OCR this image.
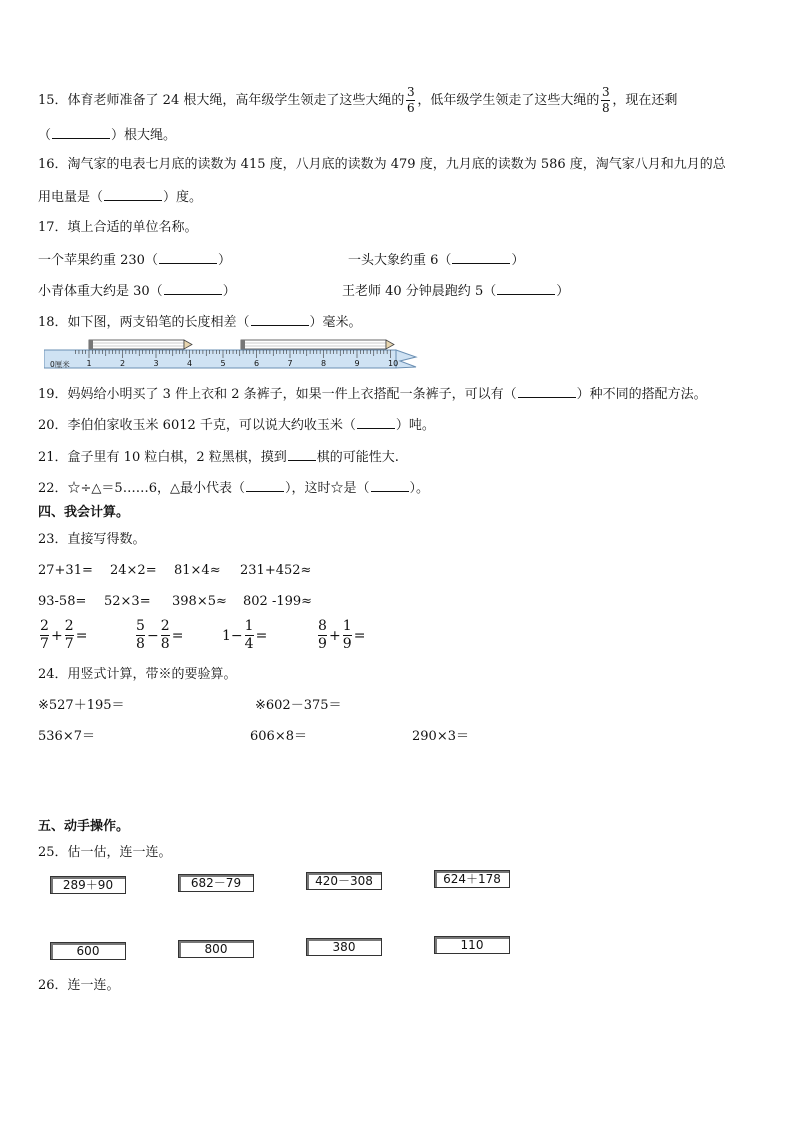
15．体育老师准备了 24 根大绳，高年级学生领走了这些大绳的 $\frac{3}{6}$ ，低年级学生领走了这些大绳的 $\frac{3}{8}$ ，现在还剩
（	）根大绳。
16．淘气家的电表七月底的读数为 415 度，八月底的读数为 479 度，九月底的读数为 586 度，淘气家八月和九月的总
用电量是（	）度。
17．填上合适的单位名称。
一个苹果约重 230（	）	一头大象约重 6（	）
小青体重大约是 30（	）	王老师 40 分钟晨跑约 5（	）
18．如下图，两支铅笔的长度相差（	）毫米。
1	2	3	4	5	6	7	8	9	10
0厘米
19．妈妈给小明买了 3 件上衣和 2 条裤子，如果一件上衣搭配一条裤子，可以有（	）种不同的搭配方法。
20．李伯伯家收玉米 6012 千克，可以说大约收玉米（	）吨。
21．盒子里有 10 粒白棋，2 粒黑棋，摸到 棋的可能性大.
22．☆÷△＝5……6，△最小代表（	），这时☆是（	）。
四、我会计算。
23．直接写得数。
27+31= 24×2= 81×4≈ 231+452≈
93-58= 52×3= 398×5≈ 802 -199≈
$\frac{2}{7} + \frac{2}{7}$ =	$\frac{5}{8} - \frac{2}{8}$ =	$1- \frac{1}{4}$ =	$\frac{8}{9} + \frac{1}{9}$ =
24．用竖式计算，带※的要验算。
※527＋195＝	※602－375＝
536×7＝	606×8＝	290×3＝
五、动手操作。
25．估一估，连一连。
289＋90	682－79	420－308	624＋178
600	800	380	110
26．连一连。
